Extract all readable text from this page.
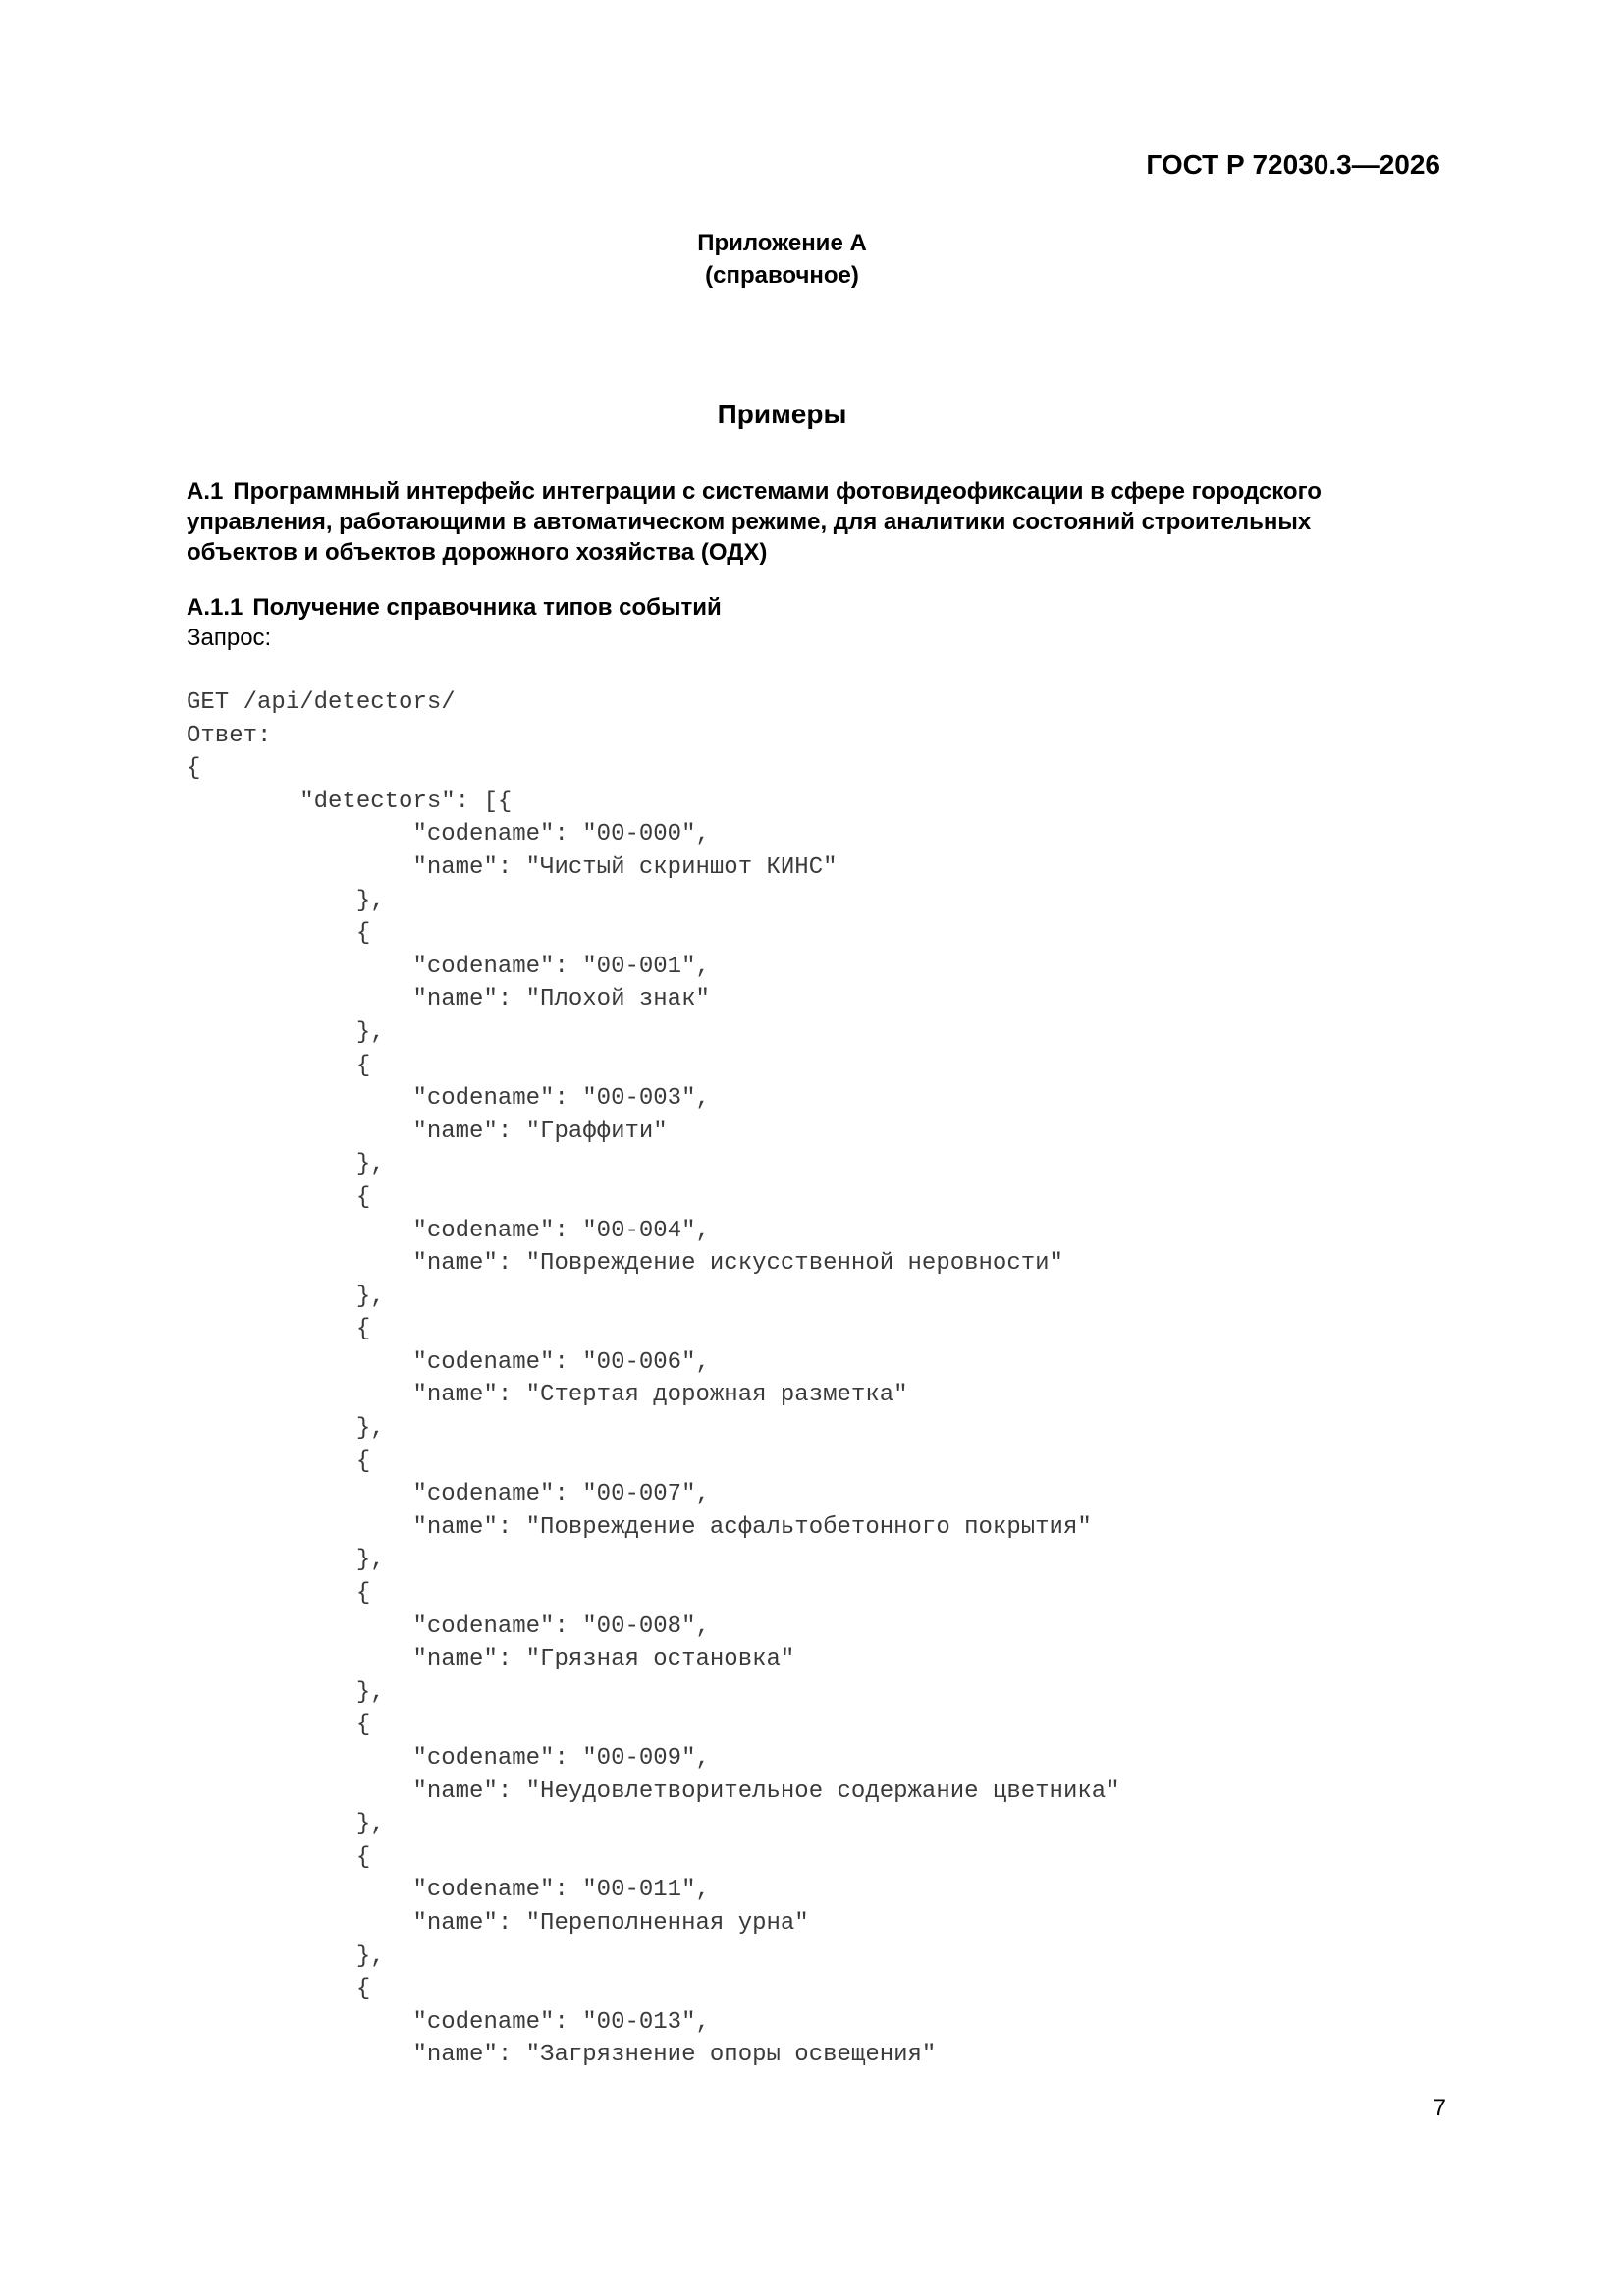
ГОСТ Р 72030.3—2026
Приложение А
(справочное)
Примеры
А.1 Программный интерфейс интеграции с системами фотовидеофиксации в сфере городского управления, работающими в автоматическом режиме, для аналитики состояний строительных объектов и объектов дорожного хозяйства (ОДХ)
А.1.1 Получение справочника типов событий
Запрос:
GET /api/detectors/
Ответ:
{
"detectors": [{
"codename": "00-000",
"name": "Чистый скриншот КИНС"
},
{
"codename": "00-001",
"name": "Плохой знак"
},
{
"codename": "00-003",
"name": "Граффити"
},
{
"codename": "00-004",
"name": "Повреждение искусственной неровности"
},
{
"codename": "00-006",
"name": "Стертая дорожная разметка"
},
{
"codename": "00-007",
"name": "Повреждение асфальтобетонного покрытия"
},
{
"codename": "00-008",
"name": "Грязная остановка"
},
{
"codename": "00-009",
"name": "Неудовлетворительное содержание цветника"
},
{
"codename": "00-011",
"name": "Переполненная урна"
},
{
"codename": "00-013",
"name": "Загрязнение опоры освещения"
7
